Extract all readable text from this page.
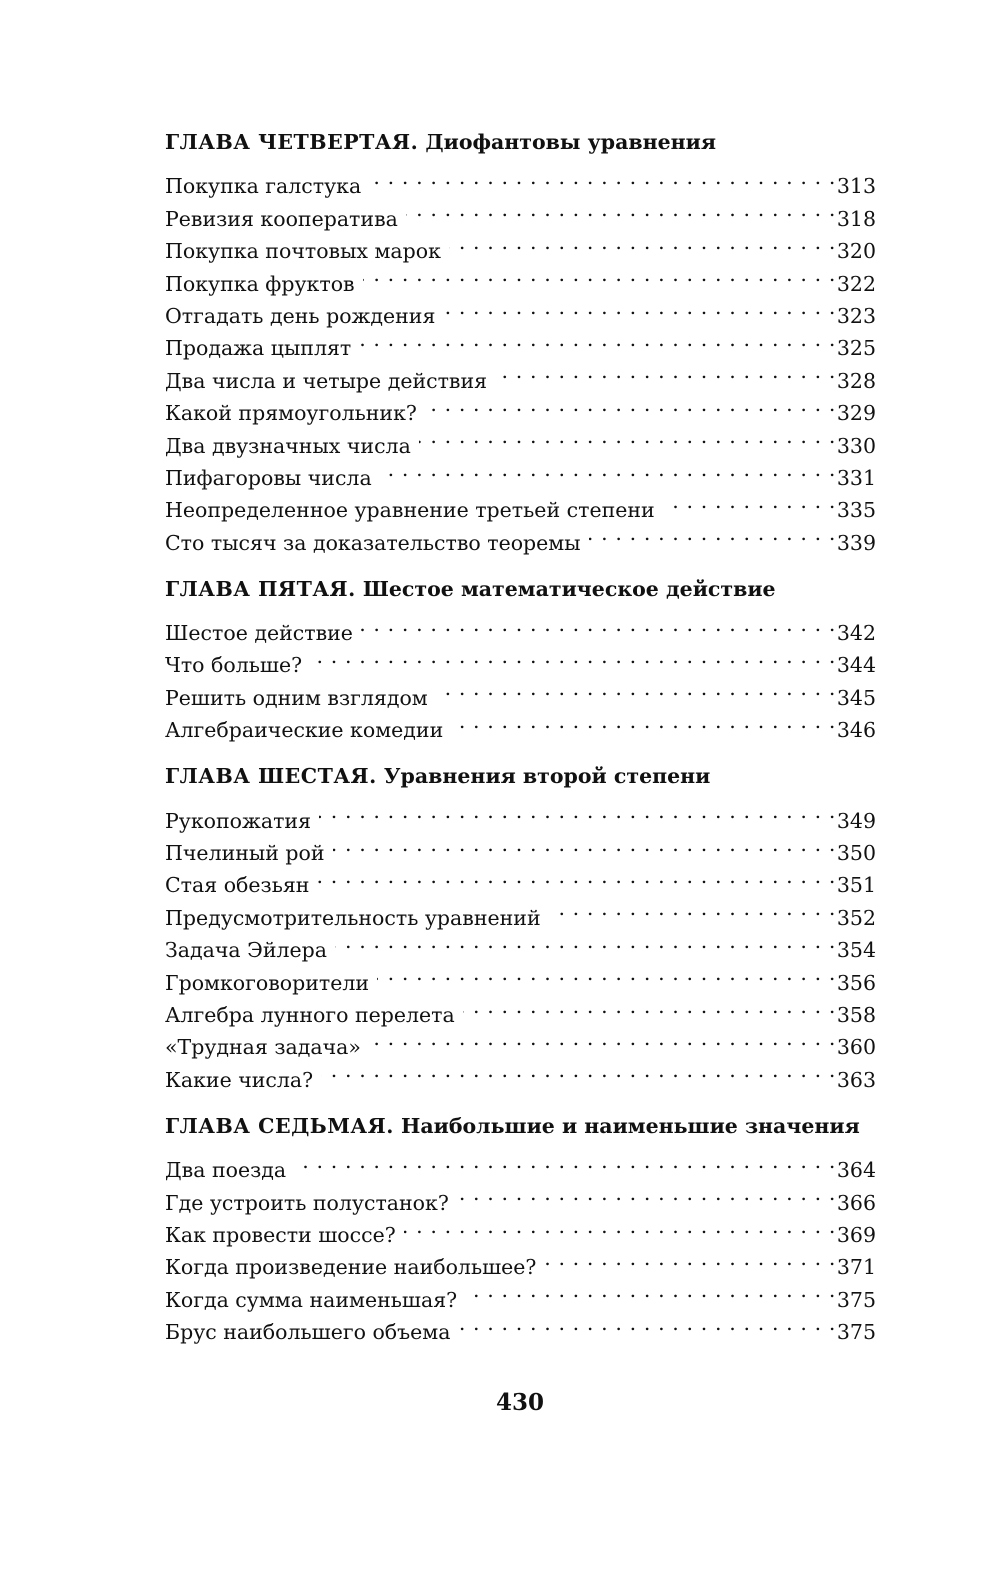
ГЛАВА ЧЕТВЕРТАЯ. Диофантовы уравнения
Покупка галстука . . .	313
Ревизия кооператива . . .	318
Покупка почтовых марок . . .	320
Покупка фруктов . . .	322
Отгадать день рождения . . .	323
Продажа цыплят . . .	325
Два числа и четыре действия . . .	328
Какой прямоугольник? . . .	329
Два двузначных числа . . .	330
Пифагоровы числа . . .	331
Неопределенное уравнение третьей степени . . .	335
Сто тысяч за доказательство теоремы . . .	339
ГЛАВА ПЯТАЯ. Шестое математическое действие
Шестое действие . . .	342
Что больше? . . .	344
Решить одним взглядом . . .	345
Алгебраические комедии . . .	346
ГЛАВА ШЕСТАЯ. Уравнения второй степени
Рукопожатия . . .	349
Пчелиный рой . . .	350
Стая обезьян . . .	351
Предусмотрительность уравнений . . .	352
Задача Эйлера . . .	354
Громкоговорители . . .	356
Алгебра лунного перелета . . .	358
«Трудная задача» . . .	360
Какие числа? . . .	363
ГЛАВА СЕДЬМАЯ. Наибольшие и наименьшие значения
Два поезда . . .	364
Где устроить полустанок? . . .	366
Как провести шоссе? . . .	369
Когда произведение наибольшее? . . .	371
Когда сумма наименьшая? . . .	375
Брус наибольшего объема . . .	375
430
